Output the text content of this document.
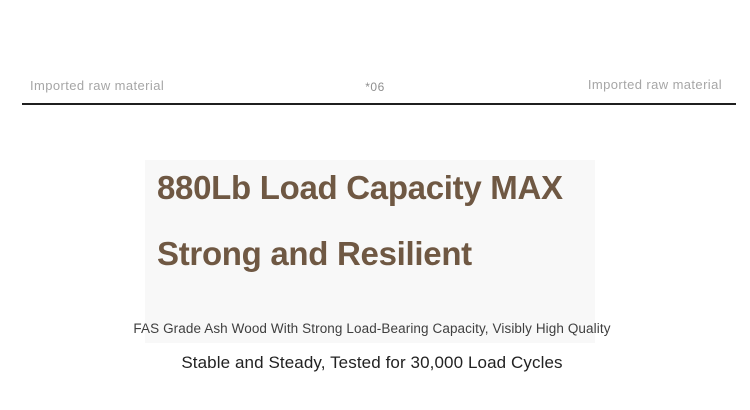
Imported raw material	*06	Imported raw material
880Lb Load Capacity MAX
Strong and Resilient
FAS Grade Ash Wood With Strong Load-Bearing Capacity, Visibly High Quality
Stable and Steady, Tested for 30,000 Load Cycles
